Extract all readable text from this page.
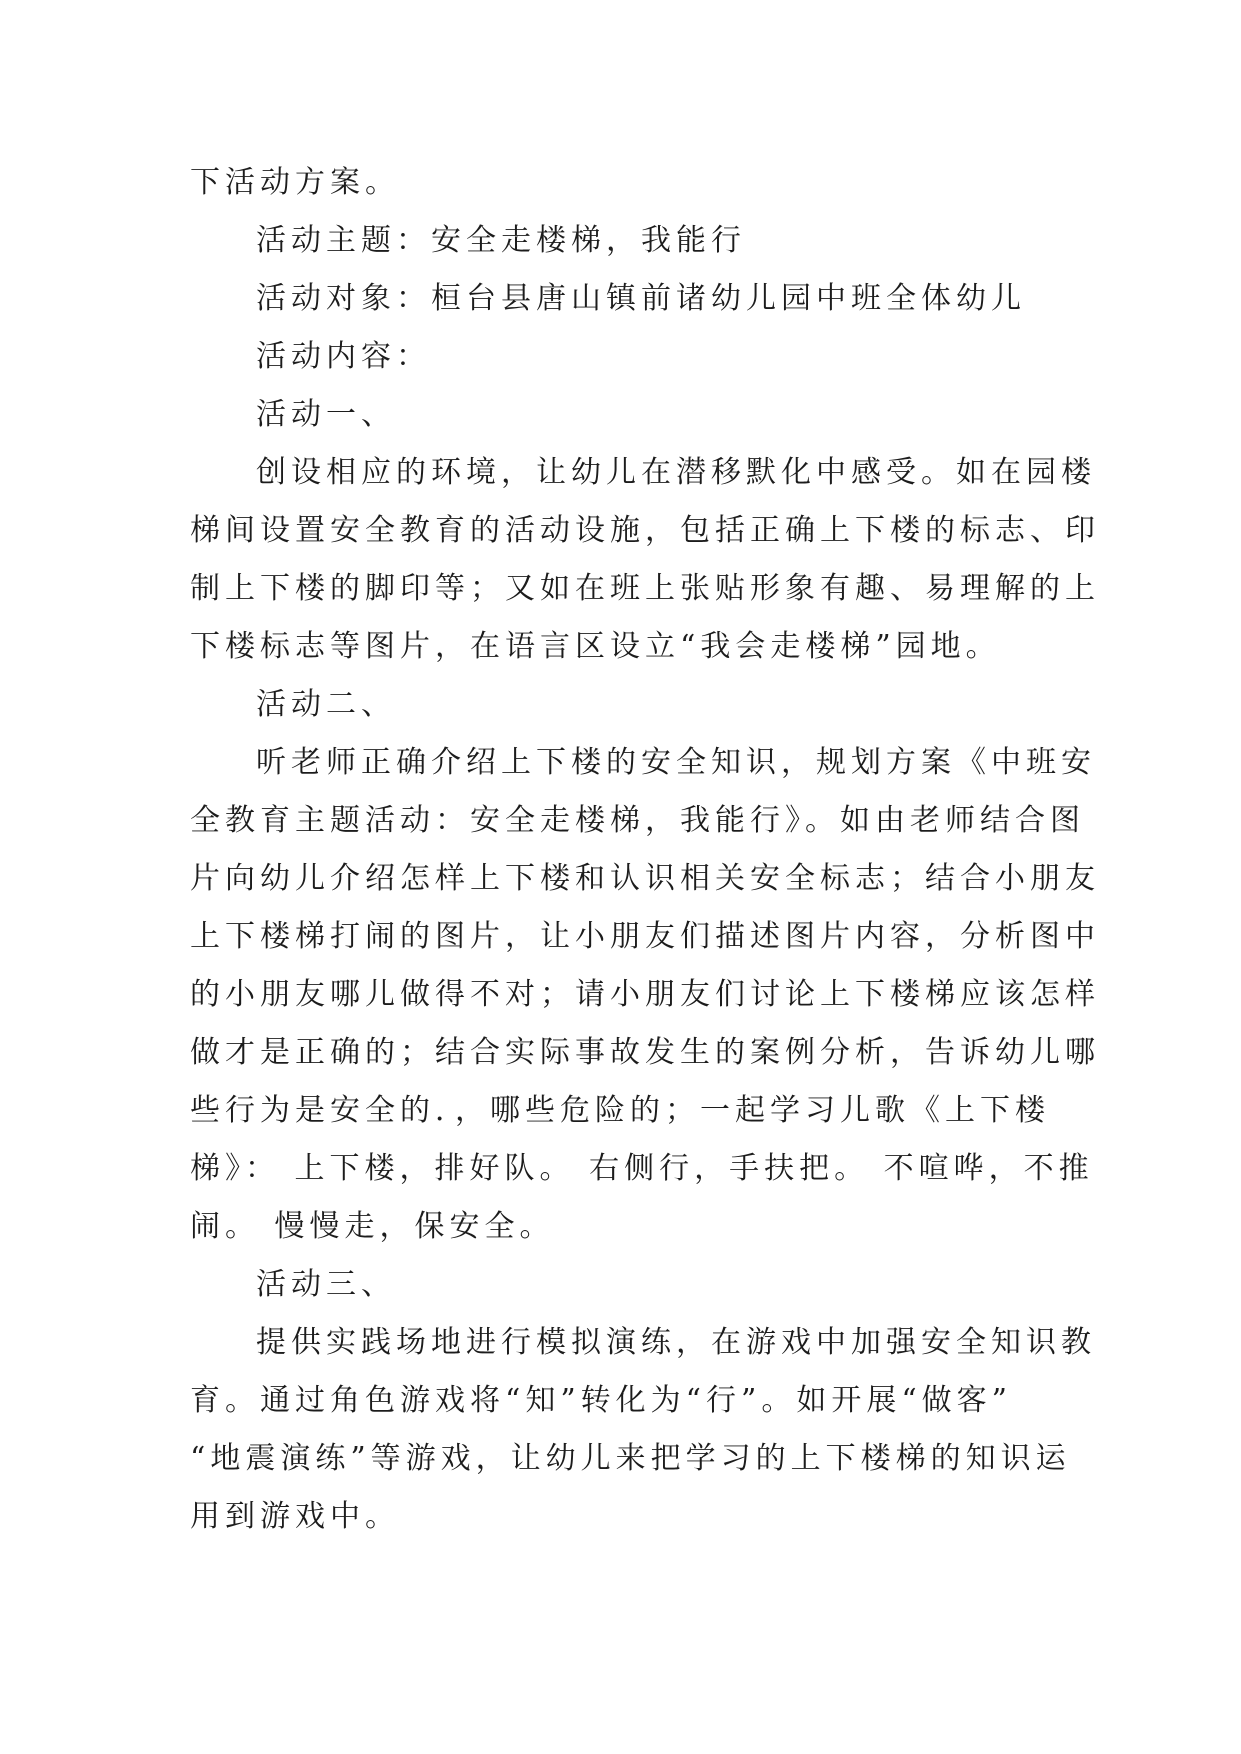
下活动方案。
活动主题：安全走楼梯，我能行
活动对象：桓台县唐山镇前诸幼儿园中班全体幼儿
活动内容：
活动一、
创设相应的环境，让幼儿在潜移默化中感受。如在园楼
梯间设置安全教育的活动设施，包括正确上下楼的标志、印
制上下楼的脚印等；又如在班上张贴形象有趣、易理解的上
下楼标志等图片，在语言区设立“我会走楼梯”园地。
活动二、
听老师正确介绍上下楼的安全知识，规划方案《中班安
全教育主题活动：安全走楼梯，我能行》。如由老师结合图
片向幼儿介绍怎样上下楼和认识相关安全标志；结合小朋友
上下楼梯打闹的图片，让小朋友们描述图片内容，分析图中
的小朋友哪儿做得不对；请小朋友们讨论上下楼梯应该怎样
做才是正确的；结合实际事故发生的案例分析，告诉幼儿哪
些行为是安全的．，哪些危险的；一起学习儿歌《上下楼
梯》： 上下楼，排好队。 右侧行，手扶把。 不喧哗，不推
闹。 慢慢走，保安全。
活动三、
提供实践场地进行模拟演练，在游戏中加强安全知识教
育。通过角色游戏将“知”转化为“行”。如开展“做客”
“地震演练”等游戏，让幼儿来把学习的上下楼梯的知识运
用到游戏中。
